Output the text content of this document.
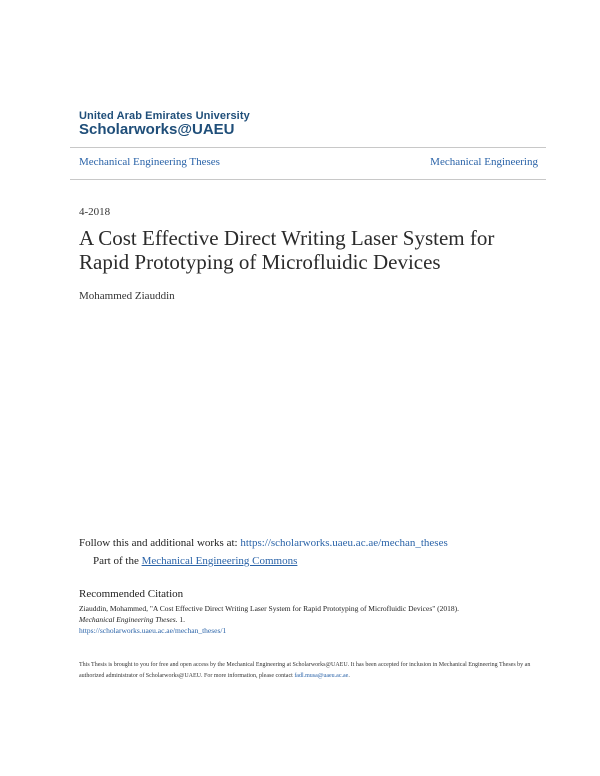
United Arab Emirates University
Scholarworks@UAEU
Mechanical Engineering Theses	Mechanical Engineering
4-2018
A Cost Effective Direct Writing Laser System for
Rapid Prototyping of Microfluidic Devices
Mohammed Ziauddin
Follow this and additional works at: https://scholarworks.uaeu.ac.ae/mechan_theses
Part of the Mechanical Engineering Commons
Recommended Citation
Ziauddin, Mohammed, "A Cost Effective Direct Writing Laser System for Rapid Prototyping of Microfluidic Devices" (2018).
Mechanical Engineering Theses. 1.
https://scholarworks.uaeu.ac.ae/mechan_theses/1
This Thesis is brought to you for free and open access by the Mechanical Engineering at Scholarworks@UAEU. It has been accepted for inclusion in Mechanical Engineering Theses by an authorized administrator of Scholarworks@UAEU. For more information, please contact fadl.musa@uaeu.ac.ae.
